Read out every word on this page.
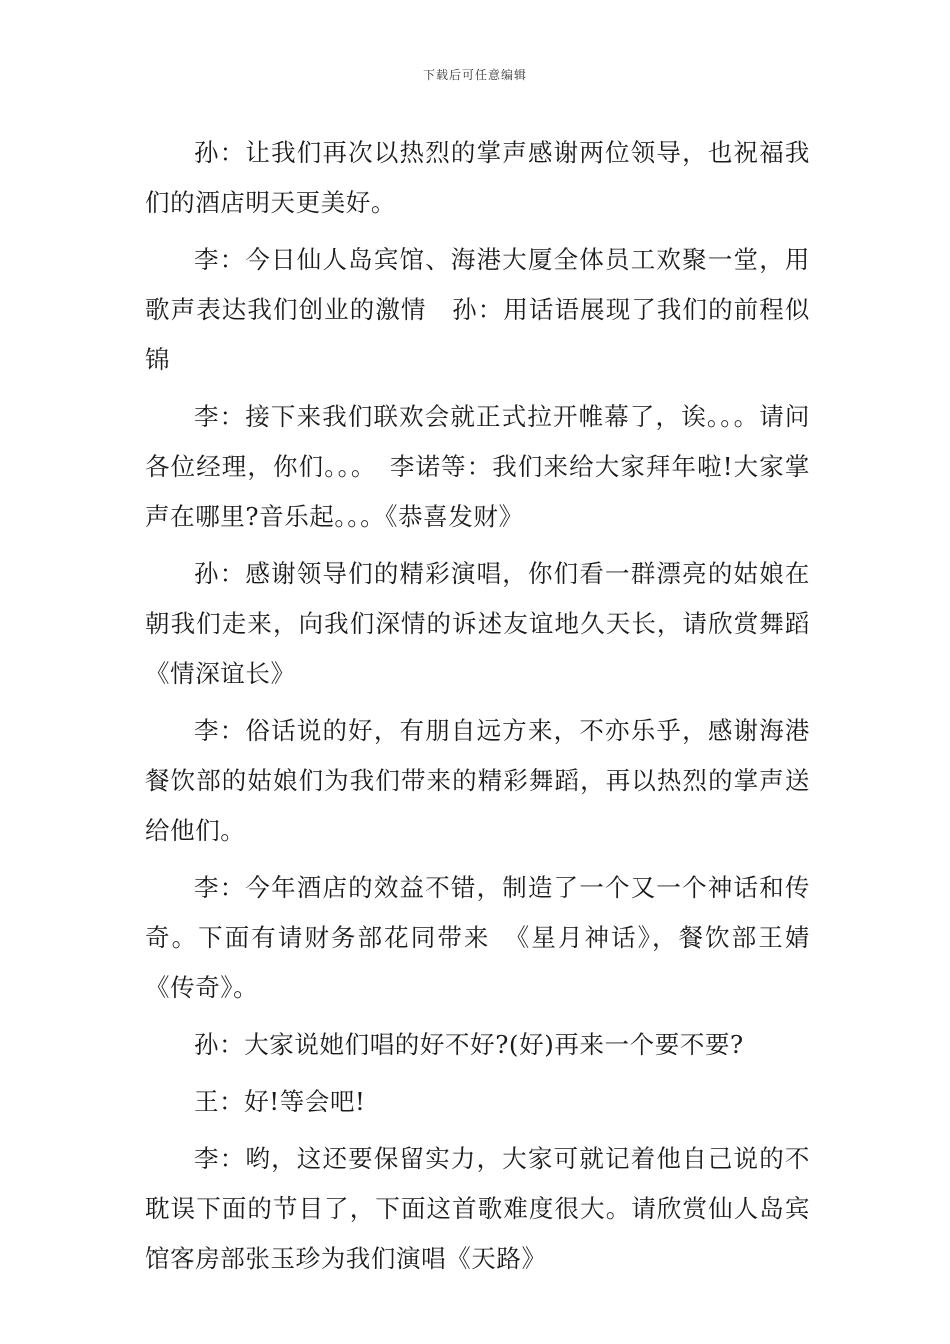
下载后可任意编辑

孙：让我们再次以热烈的掌声感谢两位领导，也祝福我们的酒店明天更美好。

李：今日仙人岛宾馆、海港大厦全体员工欢聚一堂，用歌声表达我们创业的激情　孙：用话语展现了我们的前程似锦

李：接下来我们联欢会就正式拉开帷幕了，诶。。。请问各位经理，你们。。。　李诺等：我们来给大家拜年啦!大家掌声在哪里?音乐起。。。《恭喜发财》

孙：感谢领导们的精彩演唱，你们看一群漂亮的姑娘在朝我们走来，向我们深情的诉述友谊地久天长，请欣赏舞蹈《情深谊长》

李：俗话说的好，有朋自远方来，不亦乐乎，感谢海港餐饮部的姑娘们为我们带来的精彩舞蹈，再以热烈的掌声送给他们。

李：今年酒店的效益不错，制造了一个又一个神话和传奇。下面有请财务部花同带来　《星月神话》，餐饮部王婧《传奇》。

孙：大家说她们唱的好不好?(好)再来一个要不要?

王：好!等会吧!

李：哟，这还要保留实力，大家可就记着他自己说的不耽误下面的节目了，下面这首歌难度很大。请欣赏仙人岛宾馆客房部张玉珍为我们演唱《天路》
